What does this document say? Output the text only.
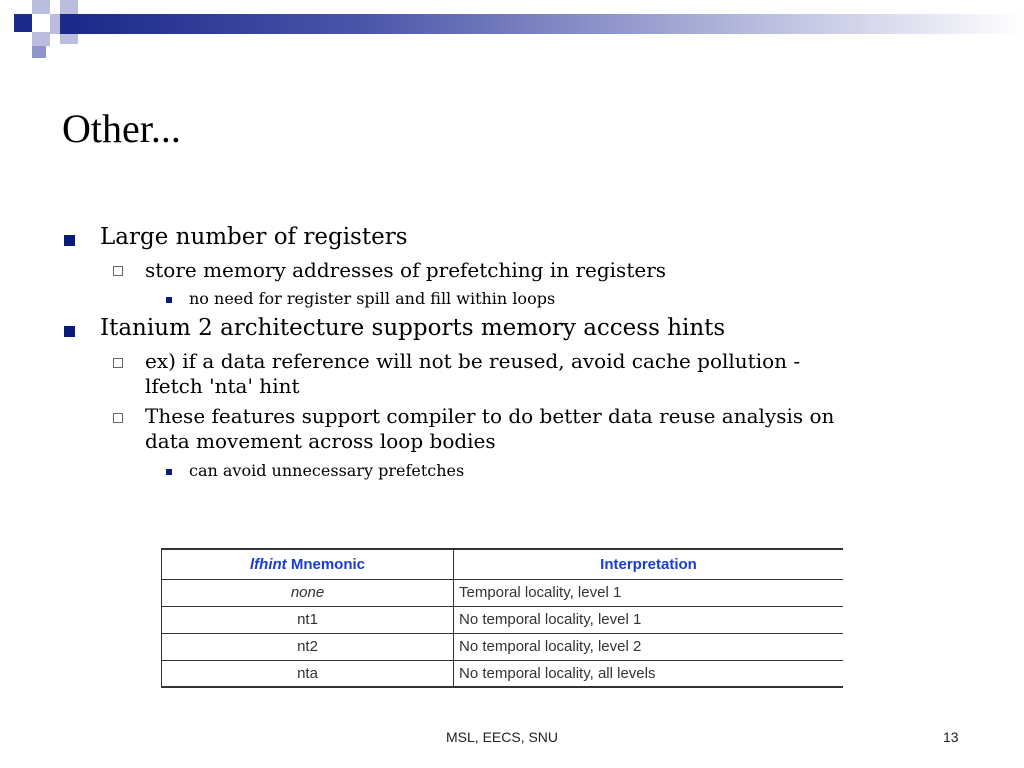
Other...
Large number of registers
store memory addresses of prefetching in registers
no need for register spill and fill within loops
Itanium 2 architecture supports memory access hints
ex) if a data reference will not be reused, avoid cache pollution -
lfetch 'nta' hint
These features support compiler to do better data reuse analysis on
data movement across loop bodies
can avoid unnecessary prefetches
lfhint Mnemonic	Interpretation
none	Temporal locality, level 1
nt1	No temporal locality, level 1
nt2	No temporal locality, level 2
nta	No temporal locality, all levels
MSL, EECS, SNU	13
